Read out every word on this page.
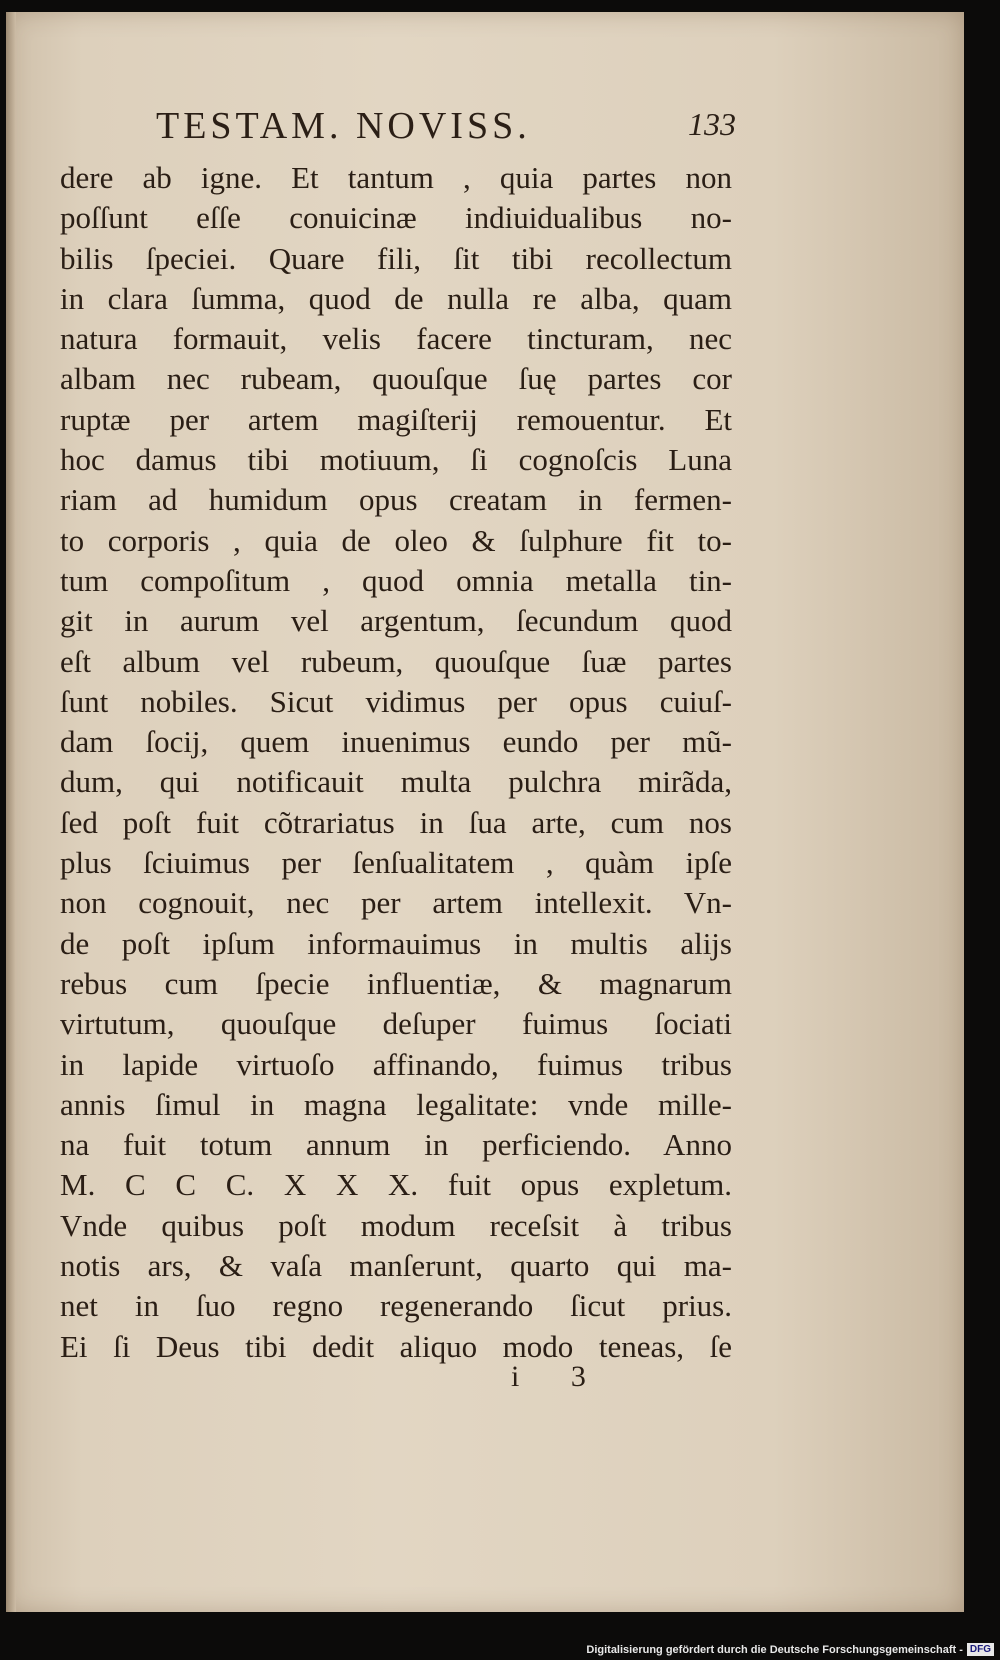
TESTAM. NOVISS.	133
dere ab igne. Et tantum , quia partes non
poſſunt eſſe conuicinæ indiuidualibus no-
bilis ſpeciei. Quare fili, ſit tibi recollectum
in clara ſumma, quod de nulla re alba, quam
natura formauit, velis facere tincturam, nec
albam nec rubeam, quouſque ſuę partes cor
ruptæ per artem magiſterij remouentur. Et
hoc damus tibi motiuum, ſi cognoſcis Luna
riam ad humidum opus creatam in fermen-
to corporis , quia de oleo & ſulphure fit to-
tum compoſitum , quod omnia metalla tin-
git in aurum vel argentum, ſecundum quod
eſt album vel rubeum, quouſque ſuæ partes
ſunt nobiles. Sicut vidimus per opus cuiuſ-
dam ſocij, quem inuenimus eundo per mũ-
dum, qui notificauit multa pulchra mirãda,
ſed poſt fuit cõtrariatus in ſua arte, cum nos
plus ſciuimus per ſenſualitatem , quàm ipſe
non cognouit, nec per artem intellexit. Vn-
de poſt ipſum informauimus in multis alijs
rebus cum ſpecie influentiæ, & magnarum
virtutum, quouſque deſuper fuimus ſociati
in lapide virtuoſo affinando, fuimus tribus
annis ſimul in magna legalitate: vnde mille-
na fuit totum annum in perficiendo. Anno
M. C C C. X X X. fuit opus expletum.
Vnde quibus poſt modum receſsit à tribus
notis ars, & vaſa manſerunt, quarto qui ma-
net in ſuo regno regenerando ſicut prius.
Ei ſi Deus tibi dedit aliquo modo teneas, ſe
i 3
Digitalisierung gefördert durch die Deutsche Forschungsgemeinschaft - DFG
